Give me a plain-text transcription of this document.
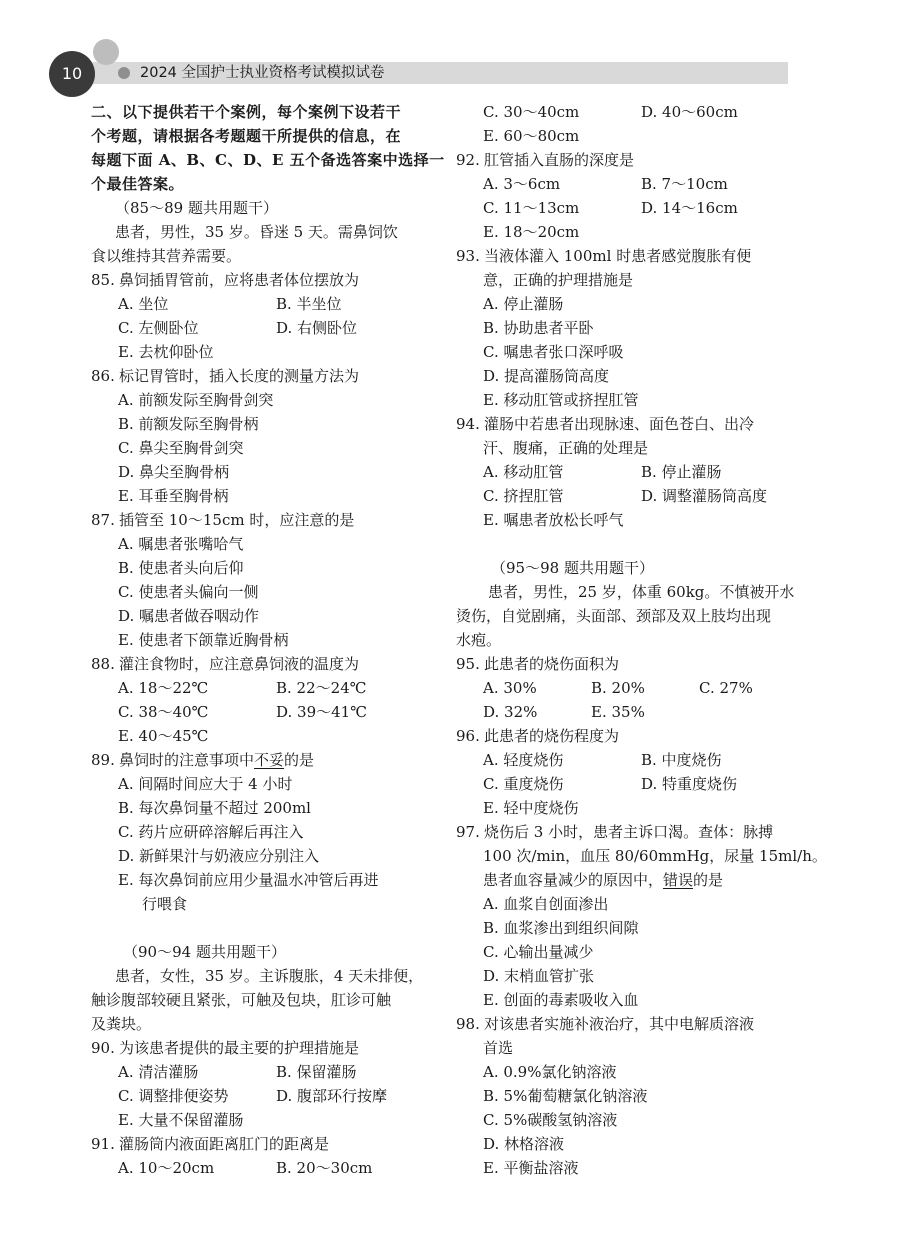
10	2024 全国护士执业资格考试模拟试卷
二、以下提供若干个案例，每个案例下设若干
个考题，请根据各考题题干所提供的信息，在
每题下面 A、B、C、D、E 五个备选答案中选择一
个最佳答案。
（85～89 题共用题干）
患者，男性，35 岁。昏迷 5 天。需鼻饲饮
食以维持其营养需要。
85. 鼻饲插胃管前，应将患者体位摆放为
A. 坐位	B. 半坐位
C. 左侧卧位	D. 右侧卧位
E. 去枕仰卧位
86. 标记胃管时，插入长度的测量方法为
A. 前额发际至胸骨剑突
B. 前额发际至胸骨柄
C. 鼻尖至胸骨剑突
D. 鼻尖至胸骨柄
E. 耳垂至胸骨柄
87. 插管至 10～15cm 时，应注意的是
A. 嘱患者张嘴哈气
B. 使患者头向后仰
C. 使患者头偏向一侧
D. 嘱患者做吞咽动作
E. 使患者下颌靠近胸骨柄
88. 灌注食物时，应注意鼻饲液的温度为
A. 18～22℃	B. 22～24℃
C. 38～40℃	D. 39～41℃
E. 40～45℃
89. 鼻饲时的注意事项中不妥的是
A. 间隔时间应大于 4 小时
B. 每次鼻饲量不超过 200ml
C. 药片应研碎溶解后再注入
D. 新鲜果汁与奶液应分别注入
E. 每次鼻饲前应用少量温水冲管后再进
行喂食
（90～94 题共用题干）
患者，女性，35 岁。主诉腹胀，4 天未排便，
触诊腹部较硬且紧张，可触及包块，肛诊可触
及粪块。
90. 为该患者提供的最主要的护理措施是
A. 清洁灌肠	B. 保留灌肠
C. 调整排便姿势	D. 腹部环行按摩
E. 大量不保留灌肠
91. 灌肠筒内液面距离肛门的距离是
A. 10～20cm	B. 20～30cm
C. 30～40cm	D. 40～60cm
E. 60～80cm
92. 肛管插入直肠的深度是
A. 3～6cm	B. 7～10cm
C. 11～13cm	D. 14～16cm
E. 18～20cm
93. 当液体灌入 100ml 时患者感觉腹胀有便
意，正确的护理措施是
A. 停止灌肠
B. 协助患者平卧
C. 嘱患者张口深呼吸
D. 提高灌肠筒高度
E. 移动肛管或挤捏肛管
94. 灌肠中若患者出现脉速、面色苍白、出冷
汗、腹痛，正确的处理是
A. 移动肛管	B. 停止灌肠
C. 挤捏肛管	D. 调整灌肠筒高度
E. 嘱患者放松长呼气
（95～98 题共用题干）
患者，男性，25 岁，体重 60kg。不慎被开水
烫伤，自觉剧痛，头面部、颈部及双上肢均出现
水疱。
95. 此患者的烧伤面积为
A. 30%	B. 20%	C. 27%
D. 32%	E. 35%
96. 此患者的烧伤程度为
A. 轻度烧伤	B. 中度烧伤
C. 重度烧伤	D. 特重度烧伤
E. 轻中度烧伤
97. 烧伤后 3 小时，患者主诉口渴。查体：脉搏
100 次/min，血压 80/60mmHg，尿量 15ml/h。
患者血容量减少的原因中，错误的是
A. 血浆自创面渗出
B. 血浆渗出到组织间隙
C. 心输出量减少
D. 末梢血管扩张
E. 创面的毒素吸收入血
98. 对该患者实施补液治疗，其中电解质溶液
首选
A. 0.9%氯化钠溶液
B. 5%葡萄糖氯化钠溶液
C. 5%碳酸氢钠溶液
D. 林格溶液
E. 平衡盐溶液
